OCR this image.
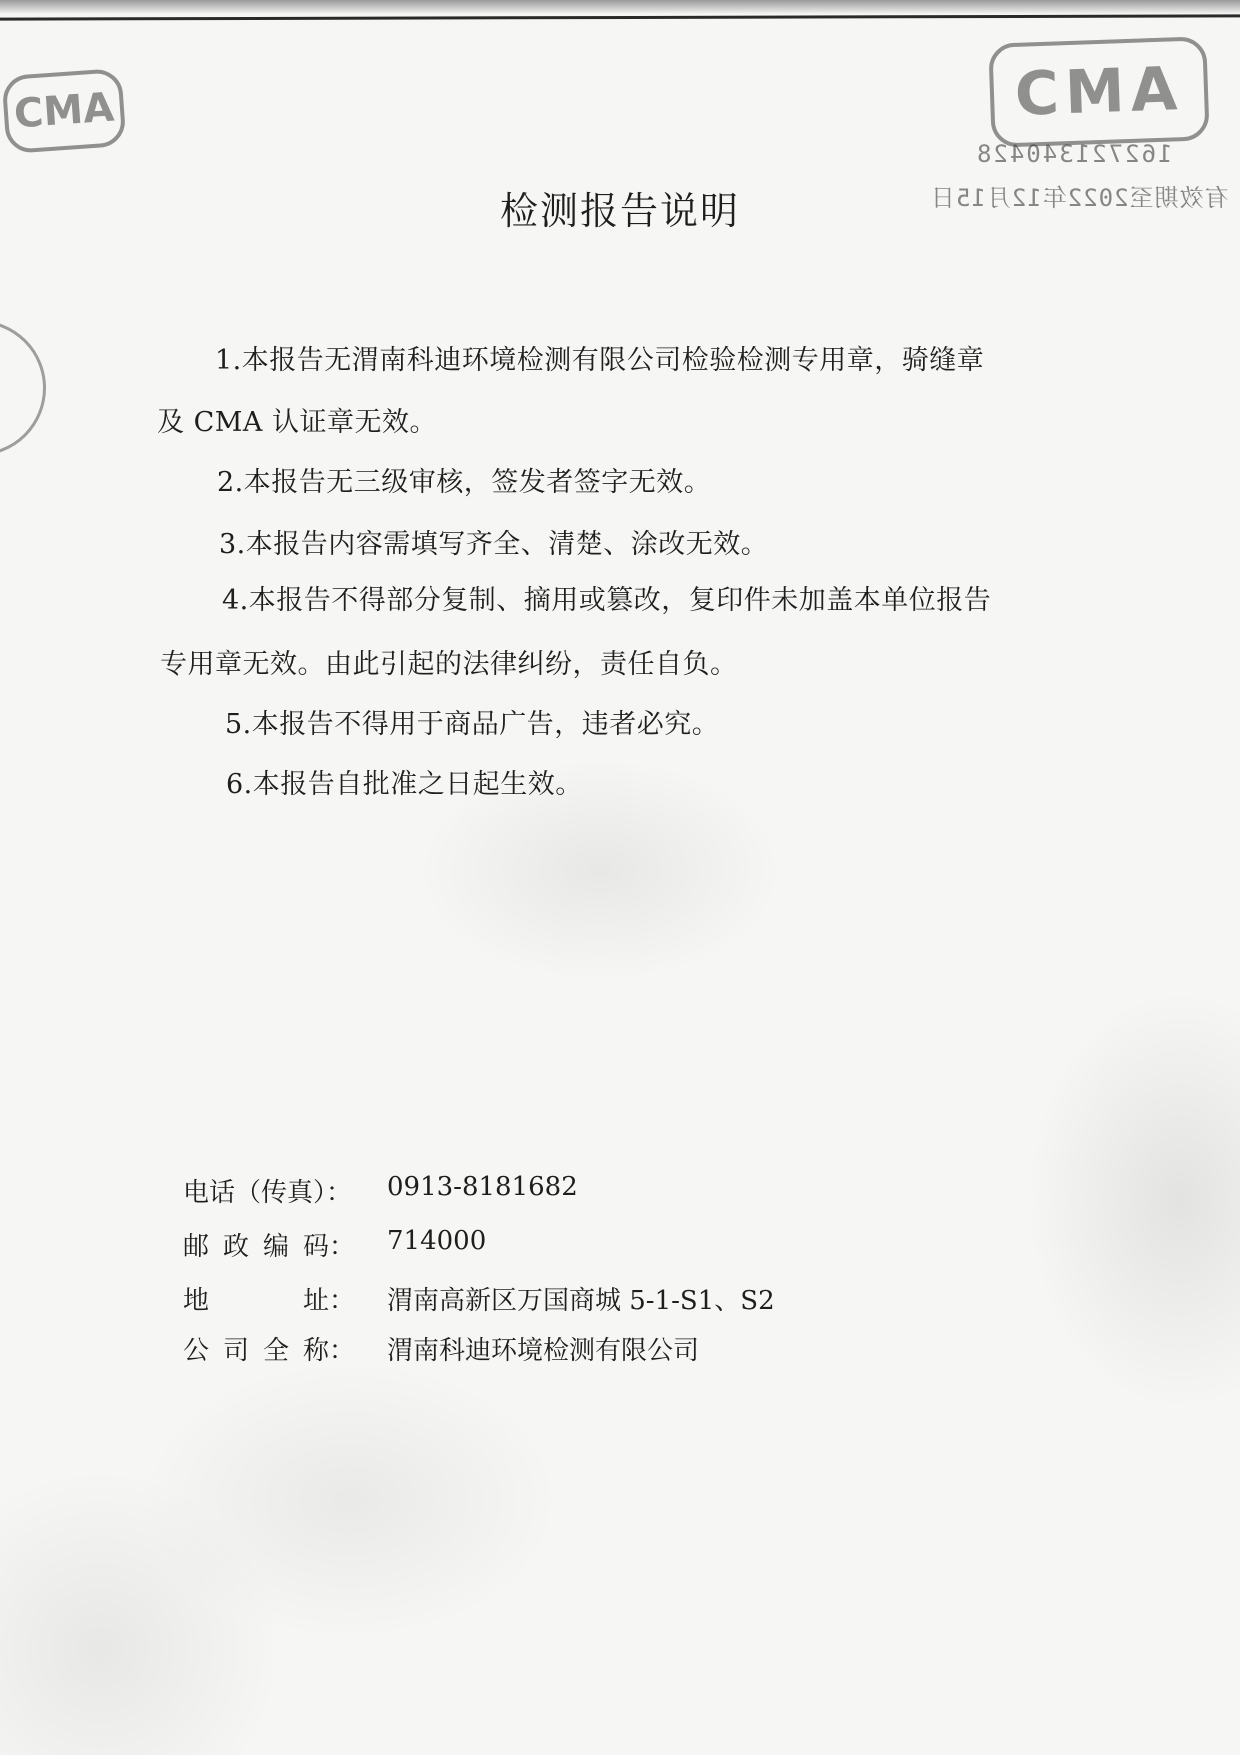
CMA	CMA
162721340428
有效期至2022年12月15日
检测报告说明
1.本报告无渭南科迪环境检测有限公司检验检测专用章，骑缝章
及 CMA 认证章无效。
2.本报告无三级审核，签发者签字无效。
3.本报告内容需填写齐全、清楚、涂改无效。
4.本报告不得部分复制、摘用或篡改，复印件未加盖本单位报告
专用章无效。由此引起的法律纠纷，责任自负。
5.本报告不得用于商品广告，违者必究。
6.本报告自批准之日起生效。
电话（传真）：	0913-8181682
邮 政 编 码： 714000
地	址： 渭南高新区万国商城 5-1-S1、S2
公 司 全 称： 渭南科迪环境检测有限公司
